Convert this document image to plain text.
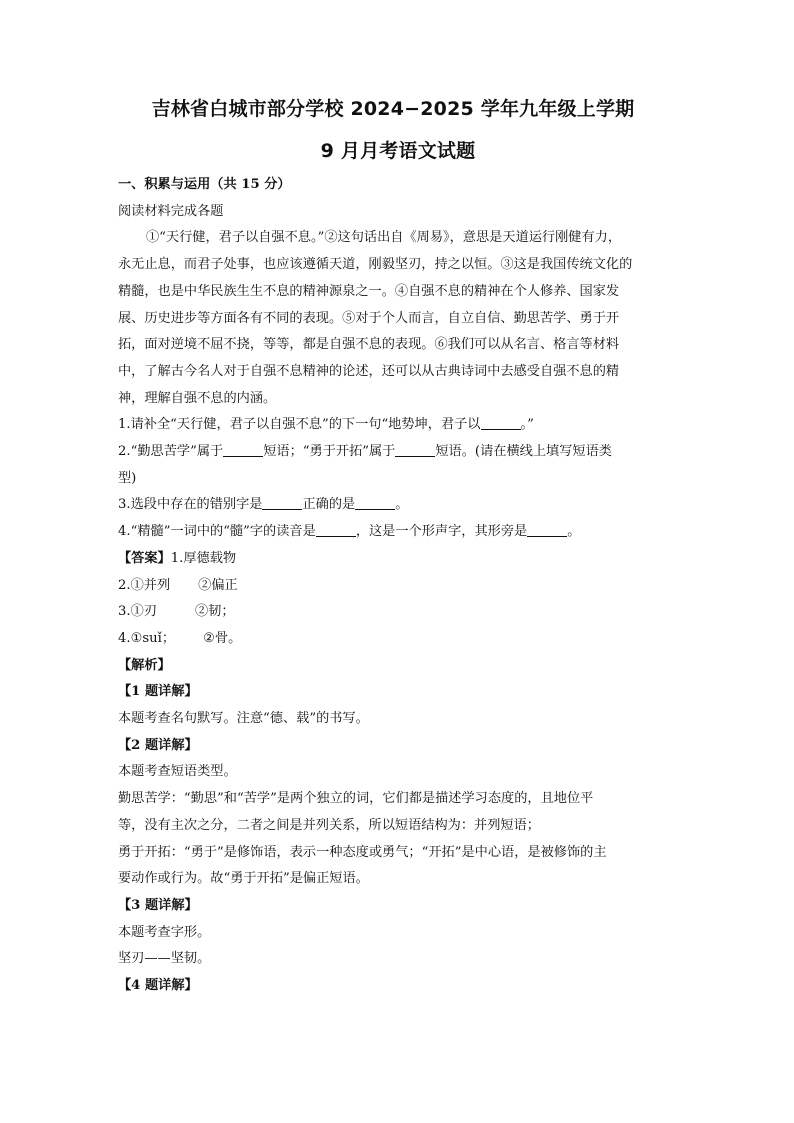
吉林省白城市部分学校 2024−2025 学年九年级上学期
9 月月考语文试题
一、积累与运用（共 15 分）
阅读材料完成各题
①“天行健，君子以自强不息。”②这句话出自《周易》，意思是天道运行刚健有力，
永无止息，而君子处事，也应该遵循天道，刚毅坚刃，持之以恒。③这是我国传统文化的
精髓，也是中华民族生生不息的精神源泉之一。④自强不息的精神在个人修养、国家发
展、历史进步等方面各有不同的表现。⑤对于个人而言，自立自信、勤思苦学、勇于开
拓，面对逆境不屈不挠，等等，都是自强不息的表现。⑥我们可以从名言、格言等材料
中，了解古今名人对于自强不息精神的论述，还可以从古典诗词中去感受自强不息的精
神，理解自强不息的内涵。
1.请补全“天行健，君子以自强不息”的下一句“地势坤，君子以	。”
2.“勤思苦学”属于	短语；“勇于开拓”属于	短语。(请在横线上填写短语类
型)
3.选段中存在的错别字是	正确的是	。
4.“精髓”一词中的“髓”字的读音是	，这是一个形声字，其形旁是	。
【答案】1.厚德载物
2.①并列 ②偏正
3.①刃	②韧；
4.①suǐ； ②骨。
【解析】
【1 题详解】
本题考查名句默写。注意“德、载”的书写。
【2 题详解】
本题考查短语类型。
勤思苦学：“勤思”和“苦学”是两个独立的词，它们都是描述学习态度的，且地位平
等，没有主次之分，二者之间是并列关系，所以短语结构为：并列短语；
勇于开拓：“勇于”是修饰语，表示一种态度或勇气；“开拓”是中心语，是被修饰的主
要动作或行为。故“勇于开拓”是偏正短语。
【3 题详解】
本题考查字形。
坚刃——坚韧。
【4 题详解】
